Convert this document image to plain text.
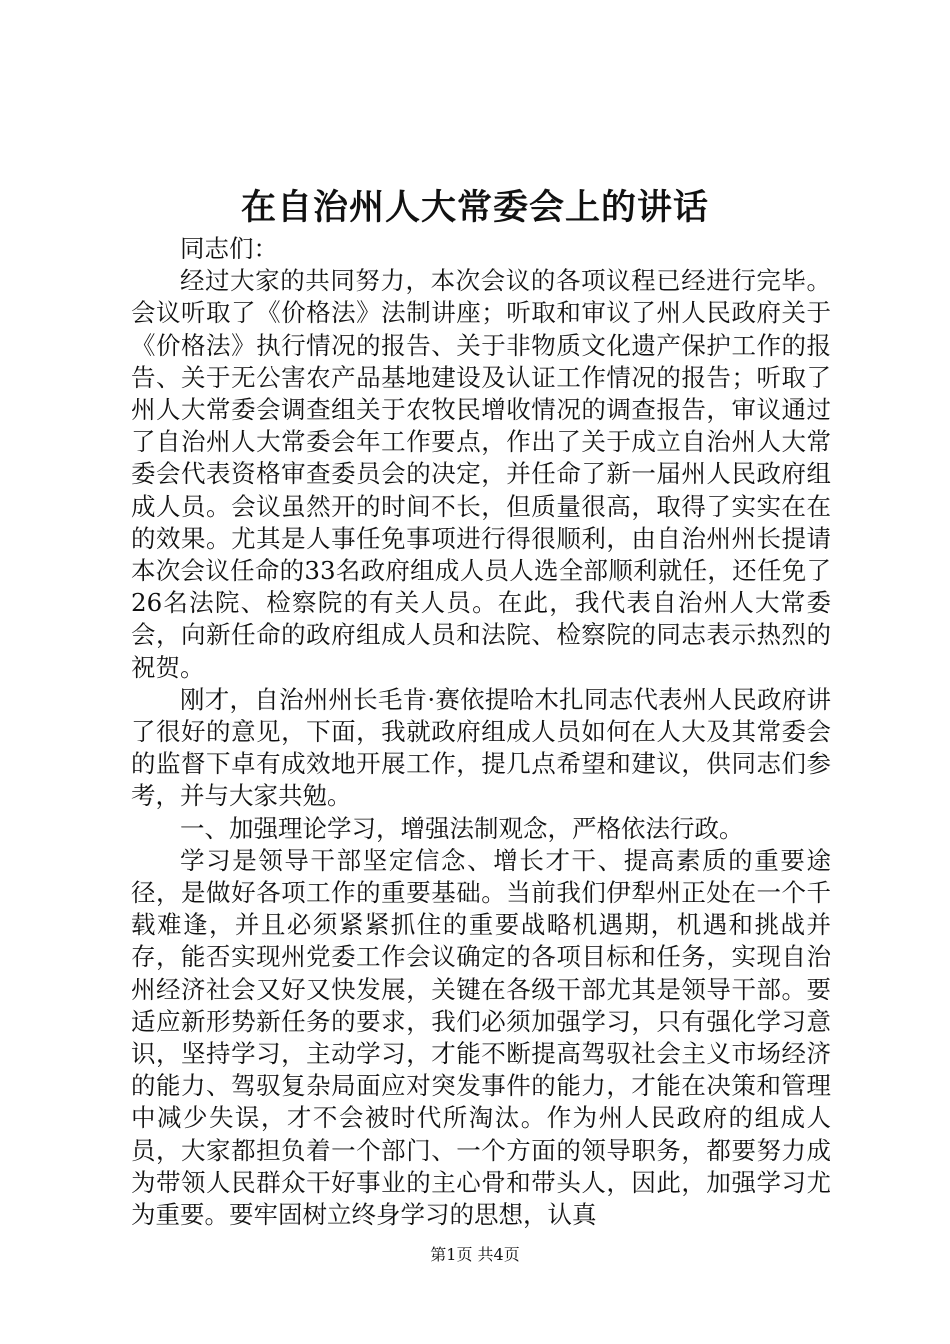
在自治州人大常委会上的讲话

同志们：

经过大家的共同努力，本次会议的各项议程已经进行完毕。会议听取了《价格法》法制讲座；听取和审议了州人民政府关于《价格法》执行情况的报告、关于非物质文化遗产保护工作的报告、关于无公害农产品基地建设及认证工作情况的报告；听取了州人大常委会调查组关于农牧民增收情况的调查报告，审议通过了自治州人大常委会年工作要点，作出了关于成立自治州人大常委会代表资格审查委员会的决定，并任命了新一届州人民政府组成人员。会议虽然开的时间不长，但质量很高，取得了实实在在的效果。尤其是人事任免事项进行得很顺利，由自治州州长提请本次会议任命的33名政府组成人员人选全部顺利就任，还任免了26名法院、检察院的有关人员。在此，我代表自治州人大常委会，向新任命的政府组成人员和法院、检察院的同志表示热烈的祝贺。

刚才，自治州州长毛肯·赛依提哈木扎同志代表州人民政府讲了很好的意见，下面，我就政府组成人员如何在人大及其常委会的监督下卓有成效地开展工作，提几点希望和建议，供同志们参考，并与大家共勉。

一、加强理论学习，增强法制观念，严格依法行政。

学习是领导干部坚定信念、增长才干、提高素质的重要途径，是做好各项工作的重要基础。当前我们伊犁州正处在一个千载难逢，并且必须紧紧抓住的重要战略机遇期，机遇和挑战并存，能否实现州党委工作会议确定的各项目标和任务，实现自治州经济社会又好又快发展，关键在各级干部尤其是领导干部。要适应新形势新任务的要求，我们必须加强学习，只有强化学习意识，坚持学习，主动学习，才能不断提高驾驭社会主义市场经济的能力、驾驭复杂局面应对突发事件的能力，才能在决策和管理中减少失误，才不会被时代所淘汰。作为州人民政府的组成人员，大家都担负着一个部门、一个方面的领导职务，都要努力成为带领人民群众干好事业的主心骨和带头人，因此，加强学习尤为重要。要牢固树立终身学习的思想，认真

第1页 共4页
